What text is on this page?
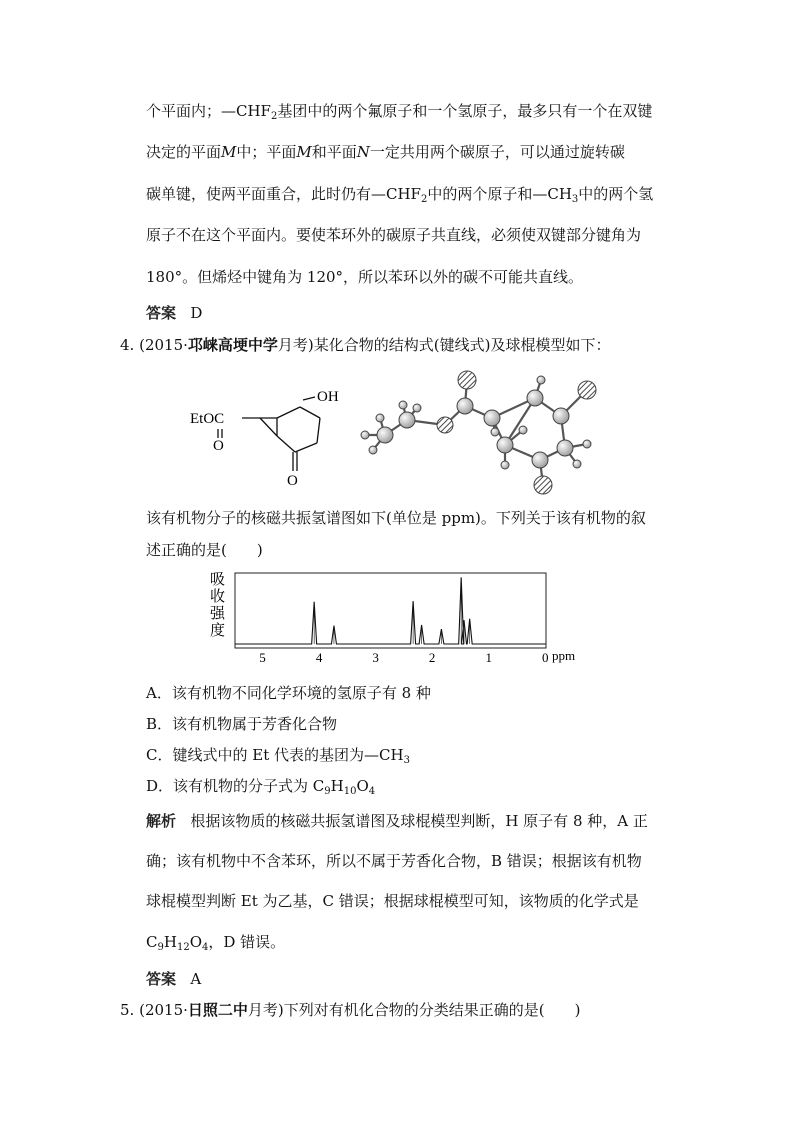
个平面内；$—CHF_2$基团中的两个氟原子和一个氢原子，最多只有一个在双键
决定的平面M中；平面M和平面N一定共用两个碳原子，可以通过旋转碳
碳单键，使两平面重合，此时仍有$—CHF_2$中的两个原子和$—CH_3$中的两个氢
原子不在这个平面内。要使苯环外的碳原子共直线，必须使双键部分键角为
180°。但烯烃中键角为 120°，所以苯环以外的碳不可能共直线。
答案 D
4. (2015·邛崃高埂中学月考)某化合物的结构式(键线式)及球棍模型如下：
EtOC
O
OH
O
该有机物分子的核磁共振氢谱图如下(单位是 ppm)。下列关于该有机物的叙
述正确的是(　　)
吸
收
强
度
5	4	3	2	1	0 ppm
A．该有机物不同化学环境的氢原子有 8 种
B．该有机物属于芳香化合物
C．键线式中的 Et 代表的基团为$—CH_3$
D．该有机物的分子式为 $C_9H_{10}O_4$
解析 根据该物质的核磁共振氢谱图及球棍模型判断，H 原子有 8 种，A 正
确；该有机物中不含苯环，所以不属于芳香化合物，B 错误；根据该有机物
球棍模型判断 Et 为乙基，C 错误；根据球棍模型可知，该物质的化学式是
$C_9H_{12}O_4$，D 错误。
答案 A
5. (2015·日照二中月考)下列对有机化合物的分类结果正确的是(　　)
